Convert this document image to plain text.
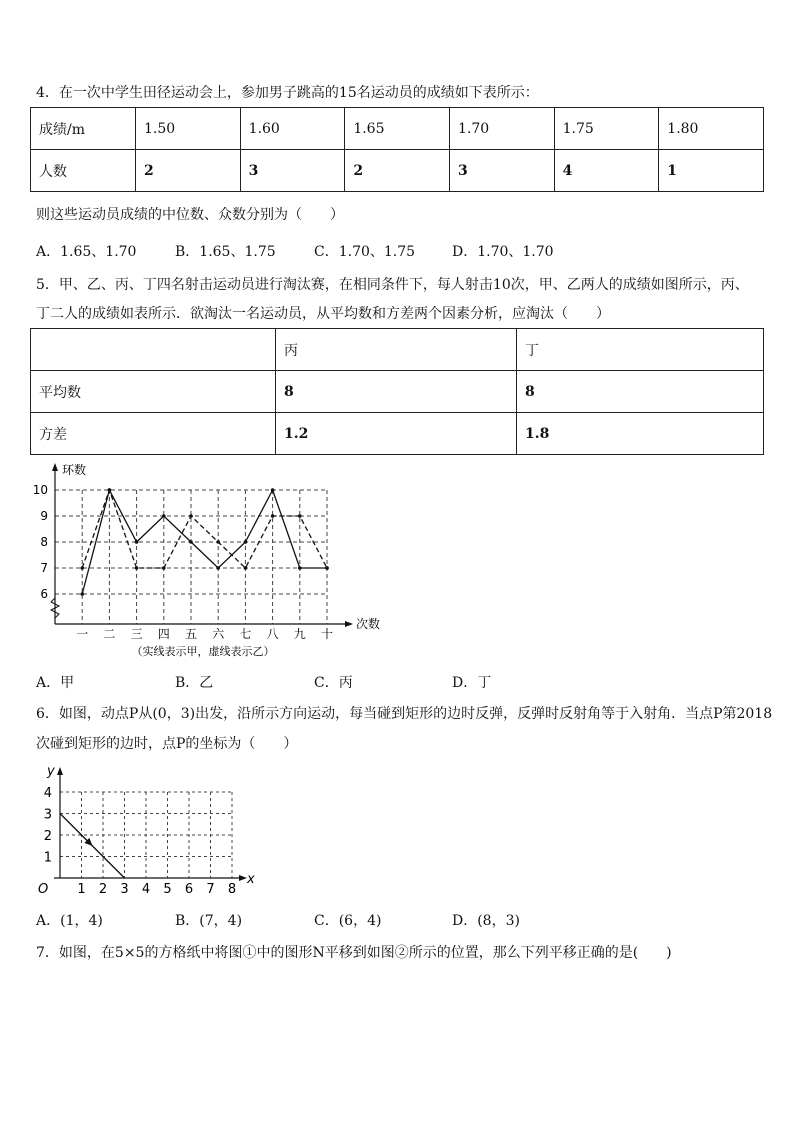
4．在一次中学生田径运动会上，参加男子跳高的15名运动员的成绩如下表所示：
成绩/m	1.50	1.60	1.65	1.70	1.75	1.80
人数	2	3	2	3	4	1
则这些运动员成绩的中位数、众数分别为（　　）
A．1.65、1.70	B．1.65、1.75	C．1.70、1.75	D．1.70、1.70
5．甲、乙、丙、丁四名射击运动员进行淘汰赛，在相同条件下，每人射击10次，甲、乙两人的成绩如图所示，丙、
丁二人的成绩如表所示．欲淘汰一名运动员，从平均数和方差两个因素分析，应淘汰（　　）
	丙	丁
平均数	8	8
方差	1.2	1.8
6
7
8
9
10
一 二 三 四 五 六 七 八 九 十
环数
次数
（实线表示甲，虚线表示乙）
A．甲	B．乙	C．丙	D．丁
6．如图，动点P从(0，3)出发，沿所示方向运动，每当碰到矩形的边时反弹，反弹时反射角等于入射角．当点P第2018
次碰到矩形的边时，点P的坐标为（　　）
1 2 3 4 5 6 7 8
1
2
3
4
O
x
y
A．(1，4)	B．(7，4)	C．(6，4)	D．(8，3)
7．如图，在5×5的方格纸中将图①中的图形N平移到如图②所示的位置，那么下列平移正确的是(　　)
